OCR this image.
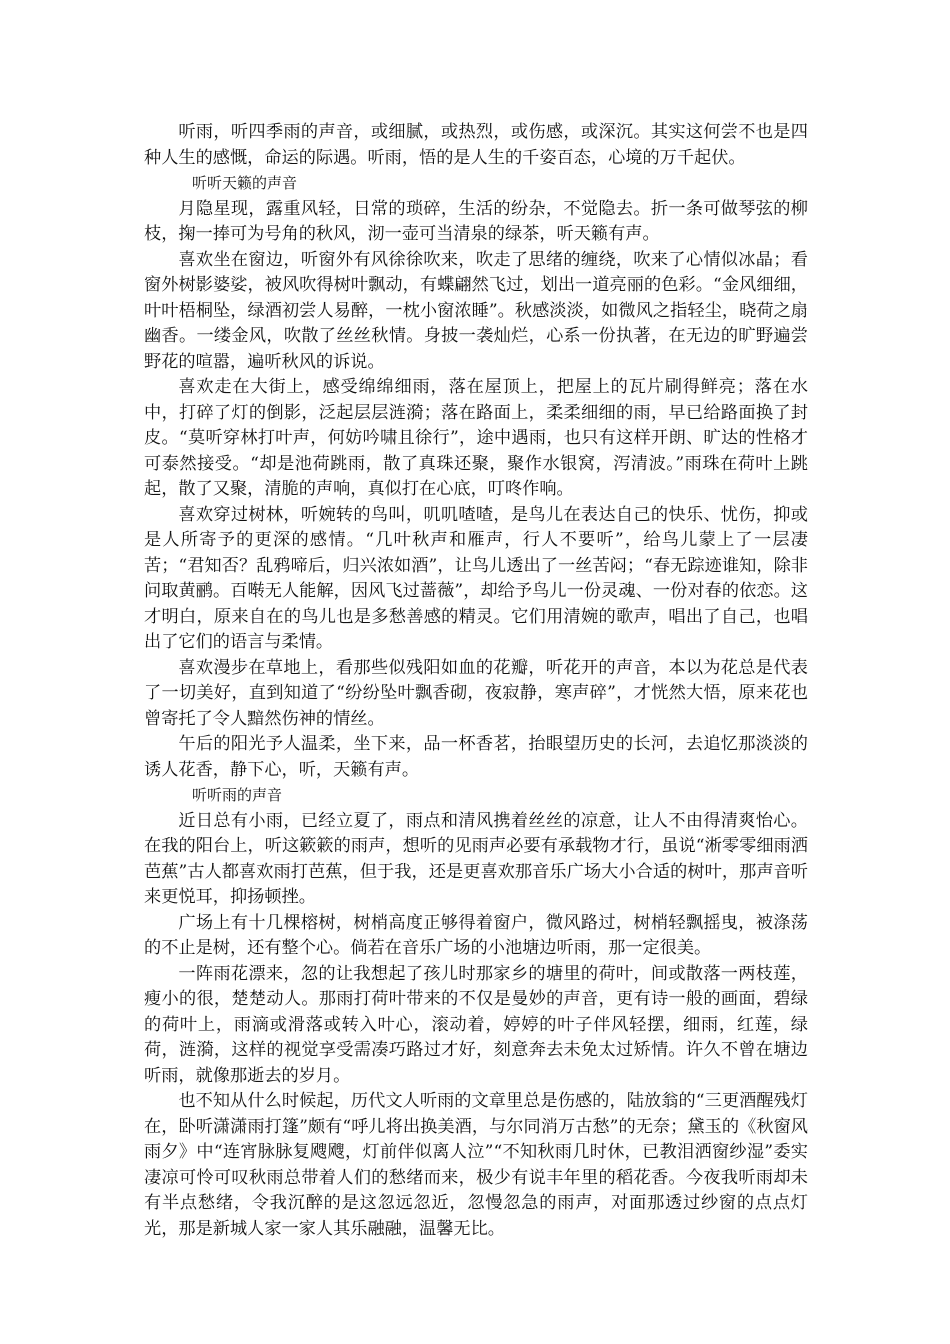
听雨，听四季雨的声音，或细腻，或热烈，或伤感，或深沉。其实这何尝不也是四种人生的感慨，命运的际遇。听雨，悟的是人生的千姿百态，心境的万千起伏。

听听天籁的声音

月隐星现，露重风轻，日常的琐碎，生活的纷杂，不觉隐去。折一条可做琴弦的柳枝，掬一捧可为号角的秋风，沏一壶可当清泉的绿茶，听天籁有声。

喜欢坐在窗边，听窗外有风徐徐吹来，吹走了思绪的缠绕，吹来了心情似冰晶；看窗外树影婆娑，被风吹得树叶飘动，有蝶翩然飞过，划出一道亮丽的色彩。“金风细细，叶叶梧桐坠，绿酒初尝人易醉，一枕小窗浓睡”。秋感淡淡，如微风之指轻尘，晓荷之扇幽香。一缕金风，吹散了丝丝秋情。身披一袭灿烂，心系一份执著，在无边的旷野遍尝野花的喧嚣，遍听秋风的诉说。

喜欢走在大街上，感受绵绵细雨，落在屋顶上，把屋上的瓦片刷得鲜亮；落在水中，打碎了灯的倒影，泛起层层涟漪；落在路面上，柔柔细细的雨，早已给路面换了封皮。“莫听穿林打叶声，何妨吟啸且徐行”，途中遇雨，也只有这样开朗、旷达的性格才可泰然接受。“却是池荷跳雨，散了真珠还聚，聚作水银窝，泻清波。”雨珠在荷叶上跳起，散了又聚，清脆的声响，真似打在心底，叮咚作响。

喜欢穿过树林，听婉转的鸟叫，叽叽喳喳，是鸟儿在表达自己的快乐、忧伤，抑或是人所寄予的更深的感情。“几叶秋声和雁声，行人不要听”，给鸟儿蒙上了一层凄苦；“君知否？乱鸦啼后，归兴浓如酒”，让鸟儿透出了一丝苦闷；“春无踪迹谁知，除非问取黄鹂。百啭无人能解，因风飞过蔷薇”，却给予鸟儿一份灵魂、一份对春的依恋。这才明白，原来自在的鸟儿也是多愁善感的精灵。它们用清婉的歌声，唱出了自己，也唱出了它们的语言与柔情。

喜欢漫步在草地上，看那些似残阳如血的花瓣，听花开的声音，本以为花总是代表了一切美好，直到知道了“纷纷坠叶飘香砌，夜寂静，寒声碎”，才恍然大悟，原来花也曾寄托了令人黯然伤神的情丝。

午后的阳光予人温柔，坐下来，品一杯香茗，抬眼望历史的长河，去追忆那淡淡的诱人花香，静下心，听，天籁有声。

听听雨的声音

近日总有小雨，已经立夏了，雨点和清风携着丝丝的凉意，让人不由得清爽怡心。在我的阳台上，听这簌簌的雨声，想听的见雨声必要有承载物才行，虽说“淅零零细雨洒芭蕉”古人都喜欢雨打芭蕉，但于我，还是更喜欢那音乐广场大小合适的树叶，那声音听来更悦耳，抑扬顿挫。

广场上有十几棵榕树，树梢高度正够得着窗户，微风路过，树梢轻飘摇曳，被涤荡的不止是树，还有整个心。倘若在音乐广场的小池塘边听雨，那一定很美。

一阵雨花漂来，忽的让我想起了孩儿时那家乡的塘里的荷叶，间或散落一两枝莲，瘦小的很，楚楚动人。那雨打荷叶带来的不仅是曼妙的声音，更有诗一般的画面，碧绿的荷叶上，雨滴或滑落或转入叶心，滚动着，婷婷的叶子伴风轻摆，细雨，红莲，绿荷，涟漪，这样的视觉享受需凑巧路过才好，刻意奔去未免太过矫情。许久不曾在塘边听雨，就像那逝去的岁月。

也不知从什么时候起，历代文人听雨的文章里总是伤感的，陆放翁的“三更酒醒残灯在，卧听潇潇雨打篷”颇有“呼儿将出换美酒，与尔同消万古愁”的无奈；黛玉的《秋窗风雨夕》中“连宵脉脉复飕飕，灯前伴似离人泣”“不知秋雨几时休，已教泪洒窗纱湿”委实凄凉可怜可叹秋雨总带着人们的愁绪而来，极少有说丰年里的稻花香。今夜我听雨却未有半点愁绪，令我沉醉的是这忽远忽近，忽慢忽急的雨声，对面那透过纱窗的点点灯光，那是新城人家一家人其乐融融，温馨无比。
